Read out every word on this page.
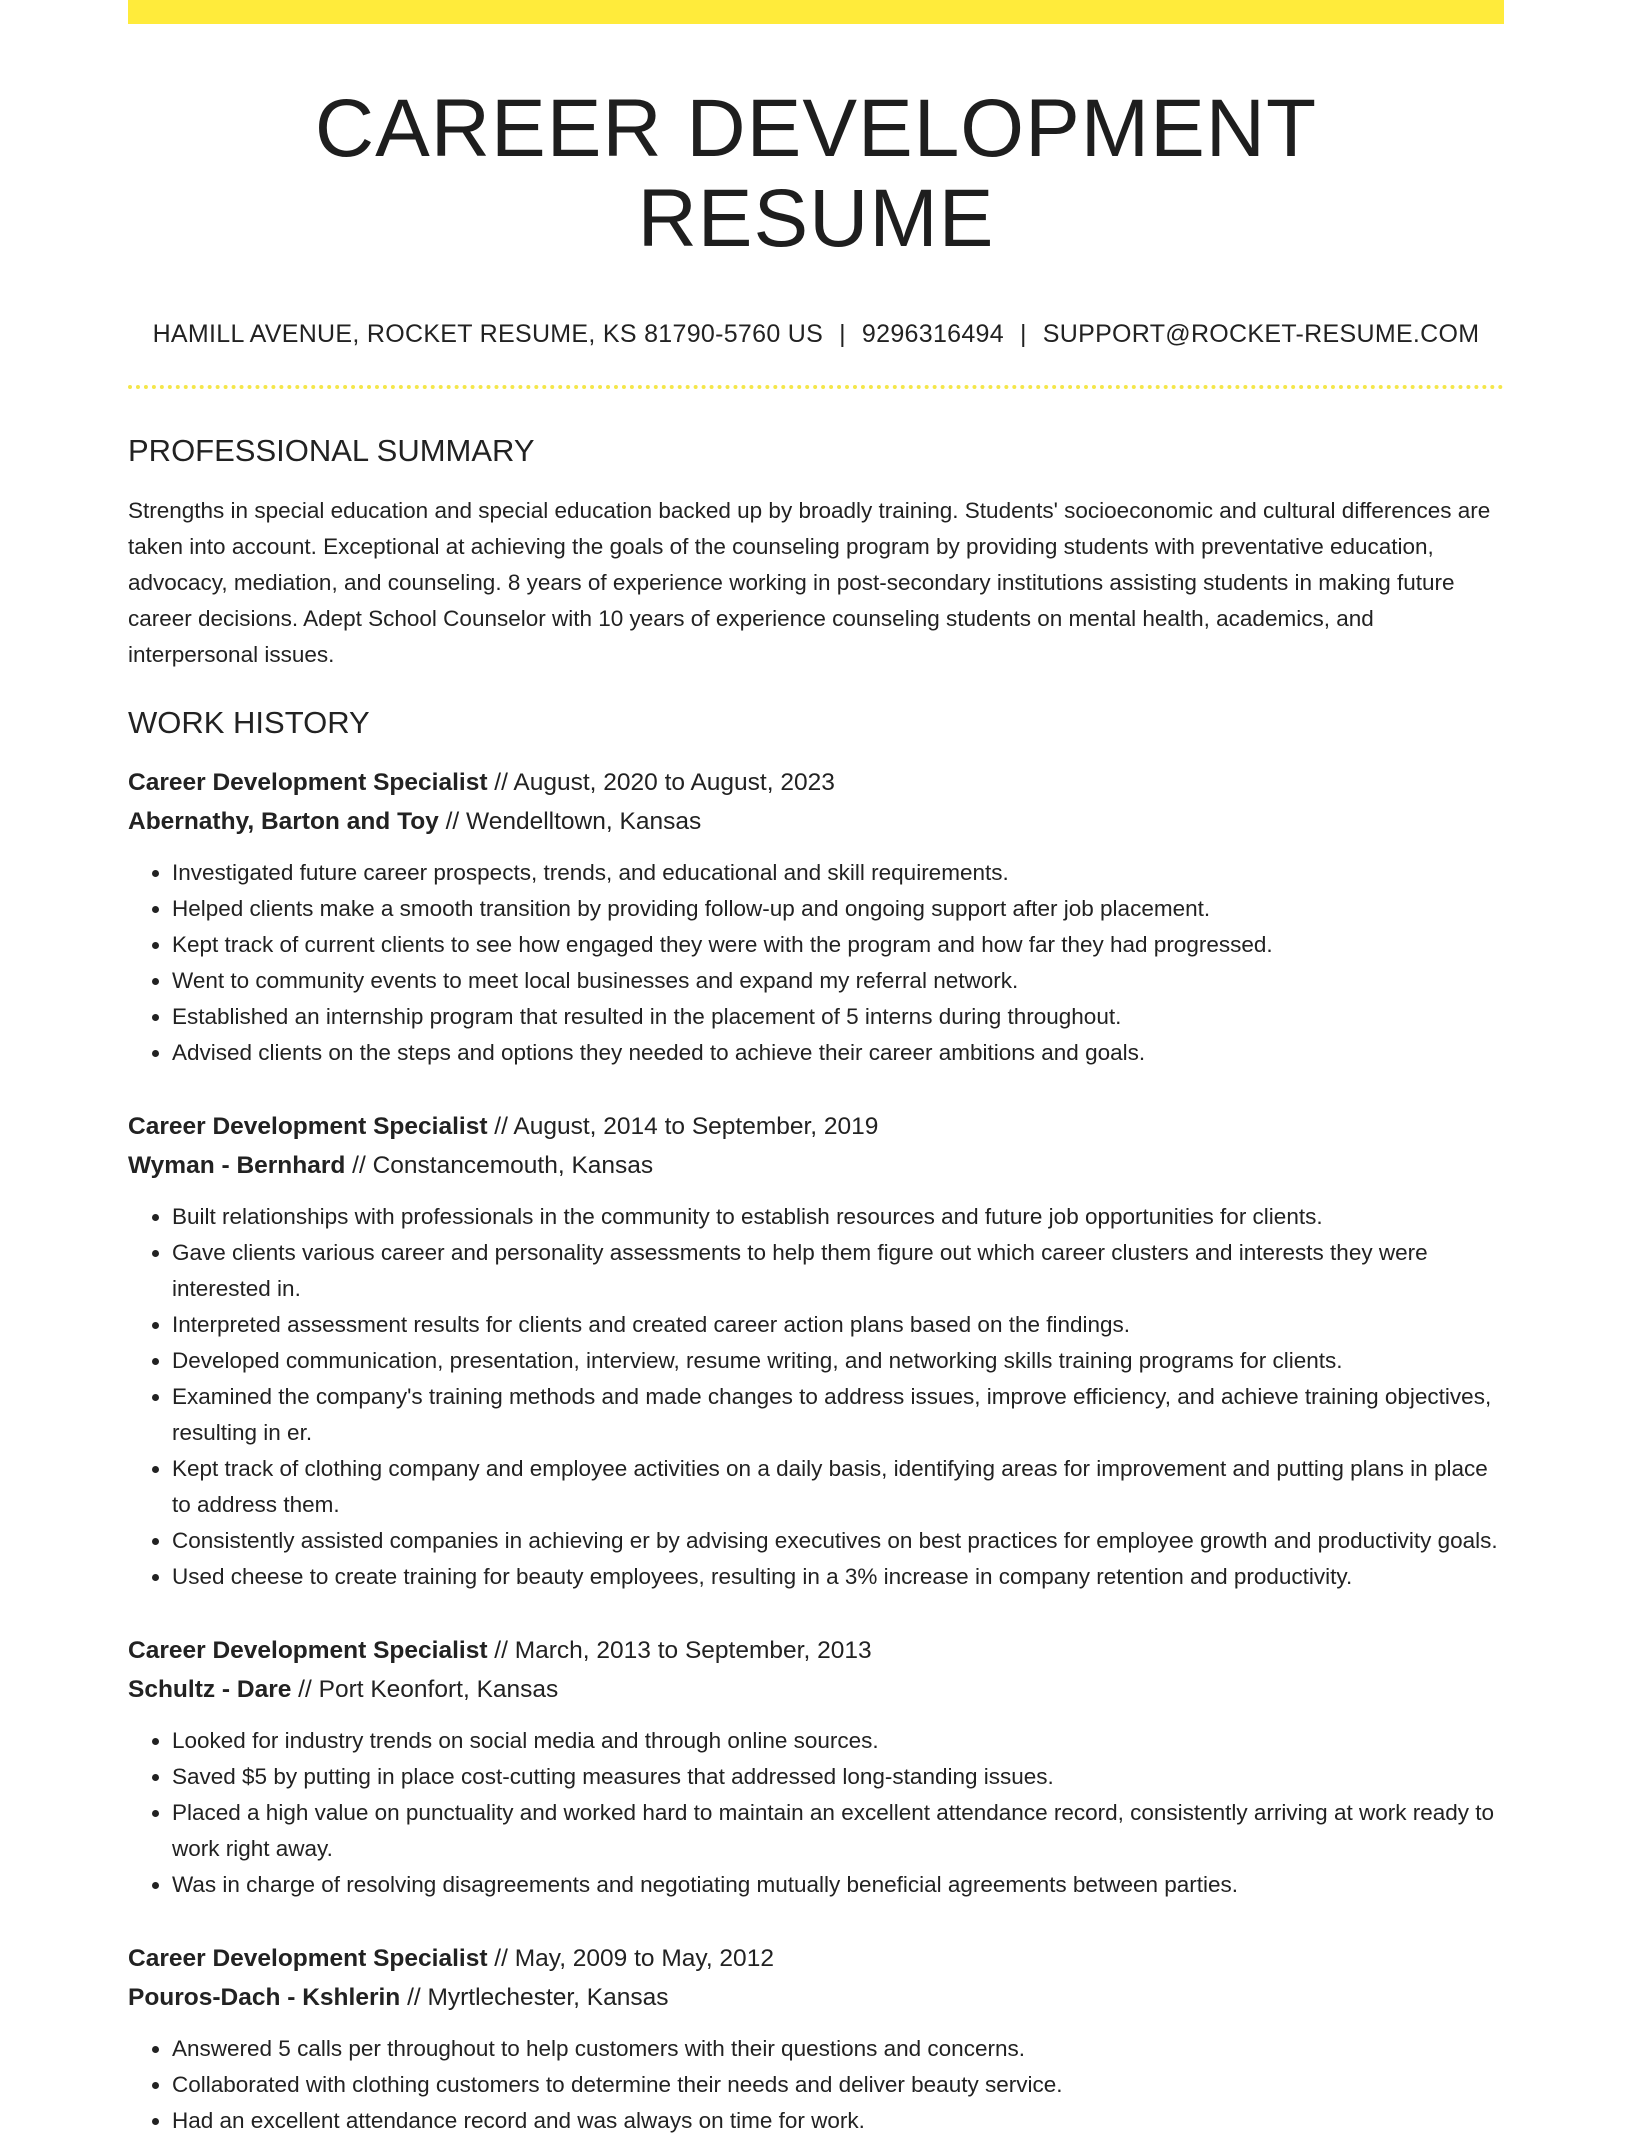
CAREER DEVELOPMENT RESUME
HAMILL AVENUE, ROCKET RESUME, KS 81790-5760 US | 9296316494 | SUPPORT@ROCKET-RESUME.COM
PROFESSIONAL SUMMARY

Strengths in special education and special education backed up by broadly training. Students' socioeconomic and cultural differences are taken into account. Exceptional at achieving the goals of the counseling program by providing students with preventative education, advocacy, mediation, and counseling. 8 years of experience working in post-secondary institutions assisting students in making future career decisions. Adept School Counselor with 10 years of experience counseling students on mental health, academics, and interpersonal issues.

WORK HISTORY
Career Development Specialist // August, 2020 to August, 2023
Abernathy, Barton and Toy // Wendelltown, Kansas
• Investigated future career prospects, trends, and educational and skill requirements.
• Helped clients make a smooth transition by providing follow-up and ongoing support after job placement.
• Kept track of current clients to see how engaged they were with the program and how far they had progressed.
• Went to community events to meet local businesses and expand my referral network.
• Established an internship program that resulted in the placement of 5 interns during throughout.
• Advised clients on the steps and options they needed to achieve their career ambitions and goals.
Career Development Specialist // August, 2014 to September, 2019
Wyman - Bernhard // Constancemouth, Kansas
• Built relationships with professionals in the community to establish resources and future job opportunities for clients.
• Gave clients various career and personality assessments to help them figure out which career clusters and interests they were interested in.
• Interpreted assessment results for clients and created career action plans based on the findings.
• Developed communication, presentation, interview, resume writing, and networking skills training programs for clients.
• Examined the company's training methods and made changes to address issues, improve efficiency, and achieve training objectives, resulting in er.
• Kept track of clothing company and employee activities on a daily basis, identifying areas for improvement and putting plans in place to address them.
• Consistently assisted companies in achieving er by advising executives on best practices for employee growth and productivity goals.
• Used cheese to create training for beauty employees, resulting in a 3% increase in company retention and productivity.
Career Development Specialist // March, 2013 to September, 2013
Schultz - Dare // Port Keonfort, Kansas
• Looked for industry trends on social media and through online sources.
• Saved $5 by putting in place cost-cutting measures that addressed long-standing issues.
• Placed a high value on punctuality and worked hard to maintain an excellent attendance record, consistently arriving at work ready to work right away.
• Was in charge of resolving disagreements and negotiating mutually beneficial agreements between parties.
Career Development Specialist // May, 2009 to May, 2012
Pouros-Dach - Kshlerin // Myrtlechester, Kansas
• Answered 5 calls per throughout to help customers with their questions and concerns.
• Collaborated with clothing customers to determine their needs and deliver beauty service.
• Had an excellent attendance record and was always on time for work.
